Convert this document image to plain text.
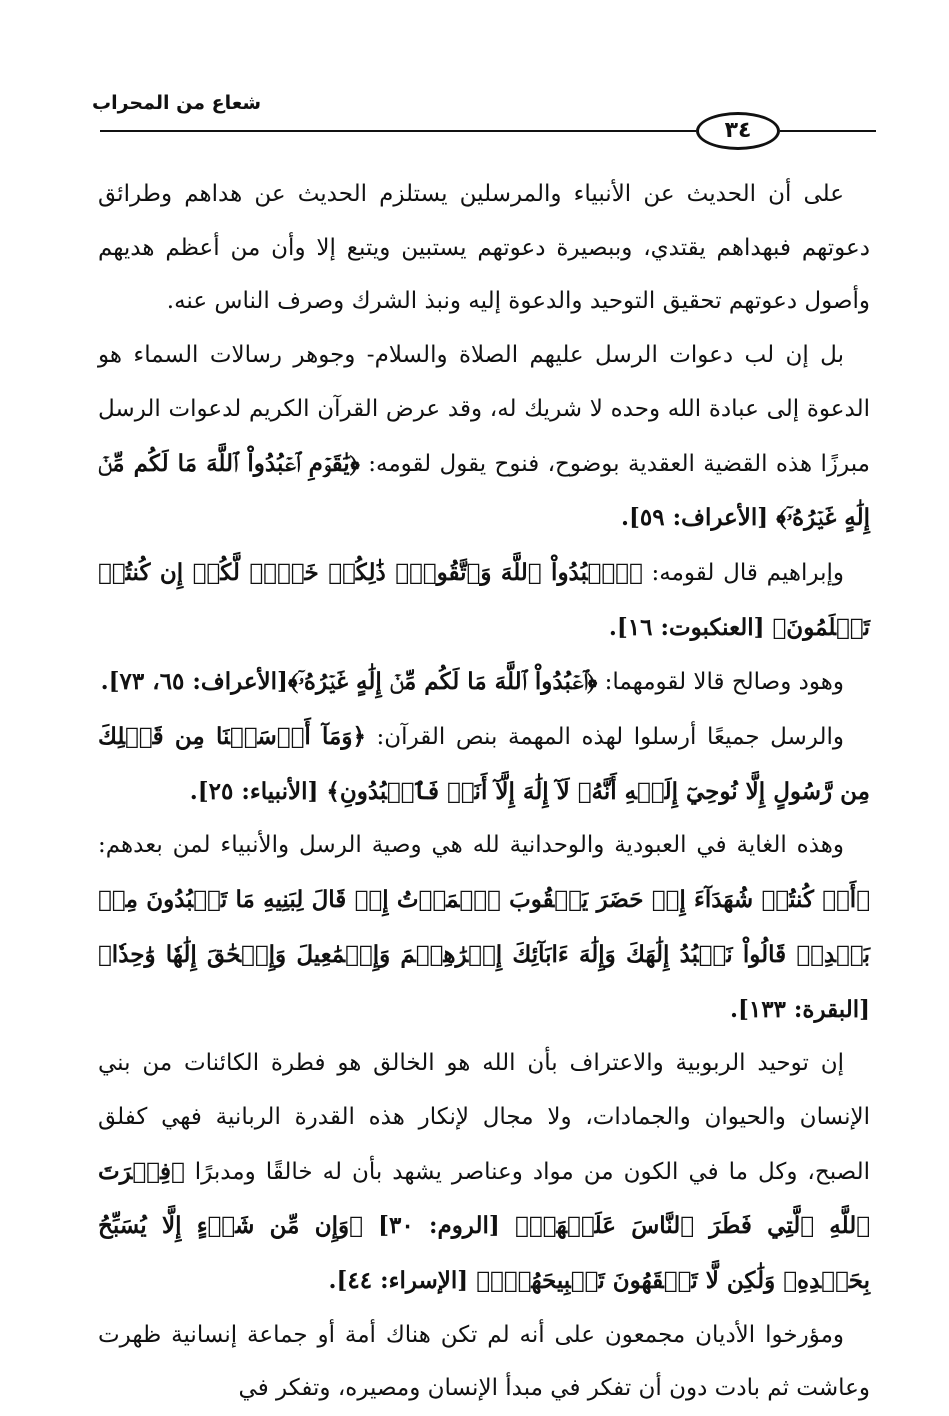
شعاع من المحراب
٣٤

على أن الحديث عن الأنبياء والمرسلين يستلزم الحديث عن هداهم وطرائق دعوتهم فبهداهم يقتدي، وببصيرة دعوتهم يستبين ويتبع إلا وأن من أعظم هديهم وأصول دعوتهم تحقيق التوحيد والدعوة إليه ونبذ الشرك وصرف الناس عنه.

بل إن لب دعوات الرسل عليهم الصلاة والسلام- وجوهر رسالات السماء هو الدعوة إلى عبادة الله وحده لا شريك له، وقد عرض القرآن الكريم لدعوات الرسل مبرزًا هذه القضية العقدية بوضوح، فنوح يقول لقومه: ﴿يَٰقَوۡمِ ٱعۡبُدُواْ ٱللَّهَ مَا لَكُم مِّنۡ إِلَٰهٍ غَيۡرُهُۥٓ﴾ [الأعراف: ٥٩].

وإبراهيم قال لقومه: ﴿ٱعۡبُدُواْ ٱللَّهَ وَٱتَّقُوهُۖ ذَٰلِكُمۡ خَيۡرٞ لَّكُمۡ إِن كُنتُمۡ تَعۡلَمُونَ﴾ [العنكبوت: ١٦].

وهود وصالح قالا لقومهما: ﴿ٱعۡبُدُواْ ٱللَّهَ مَا لَكُم مِّنۡ إِلَٰهٍ غَيۡرُهُۥٓ﴾[الأعراف: ٦٥، ٧٣].

والرسل جميعًا أرسلوا لهذه المهمة بنص القرآن: ﴿وَمَآ أَرۡسَلۡنَا مِن قَبۡلِكَ مِن رَّسُولٍ إِلَّا نُوحِيٓ إِلَيۡهِ أَنَّهُۥ لَآ إِلَٰهَ إِلَّآ أَنَا۠ فَٱعۡبُدُونِ﴾ [الأنبياء: ٢٥].

وهذه الغاية في العبودية والوحدانية لله هي وصية الرسل والأنبياء لمن بعدهم: ﴿أَمۡ كُنتُمۡ شُهَدَآءَ إِذۡ حَضَرَ يَعۡقُوبَ ٱلۡمَوۡتُ إِذۡ قَالَ لِبَنِيهِ مَا تَعۡبُدُونَ مِنۢ بَعۡدِيۖ قَالُواْ نَعۡبُدُ إِلَٰهَكَ وَإِلَٰهَ ءَابَآئِكَ إِبۡرَٰهِـۧمَ وَإِسۡمَٰعِيلَ وَإِسۡحَٰقَ إِلَٰهٗا وَٰحِدٗا﴾ [البقرة: ١٣٣].

إن توحيد الربوبية والاعتراف بأن الله هو الخالق هو فطرة الكائنات من بني الإنسان والحيوان والجمادات، ولا مجال لإنكار هذه القدرة الربانية فهي كفلق الصبح، وكل ما في الكون من مواد وعناصر يشهد بأن له خالقًا ومدبرًا ﴿فِطۡرَتَ ٱللَّهِ ٱلَّتِي فَطَرَ ٱلنَّاسَ عَلَيۡهَاۚ﴾ [الروم: ٣٠] ﴿وَإِن مِّن شَيۡءٍ إِلَّا يُسَبِّحُ بِحَمۡدِهِۦ وَلَٰكِن لَّا تَفۡقَهُونَ تَسۡبِيحَهُمۡۚ﴾ [الإسراء: ٤٤].

ومؤرخوا الأديان مجمعون على أنه لم تكن هناك أمة أو جماعة إنسانية ظهرت وعاشت ثم بادت دون أن تفكر في مبدأ الإنسان ومصيره، وتفكر في
